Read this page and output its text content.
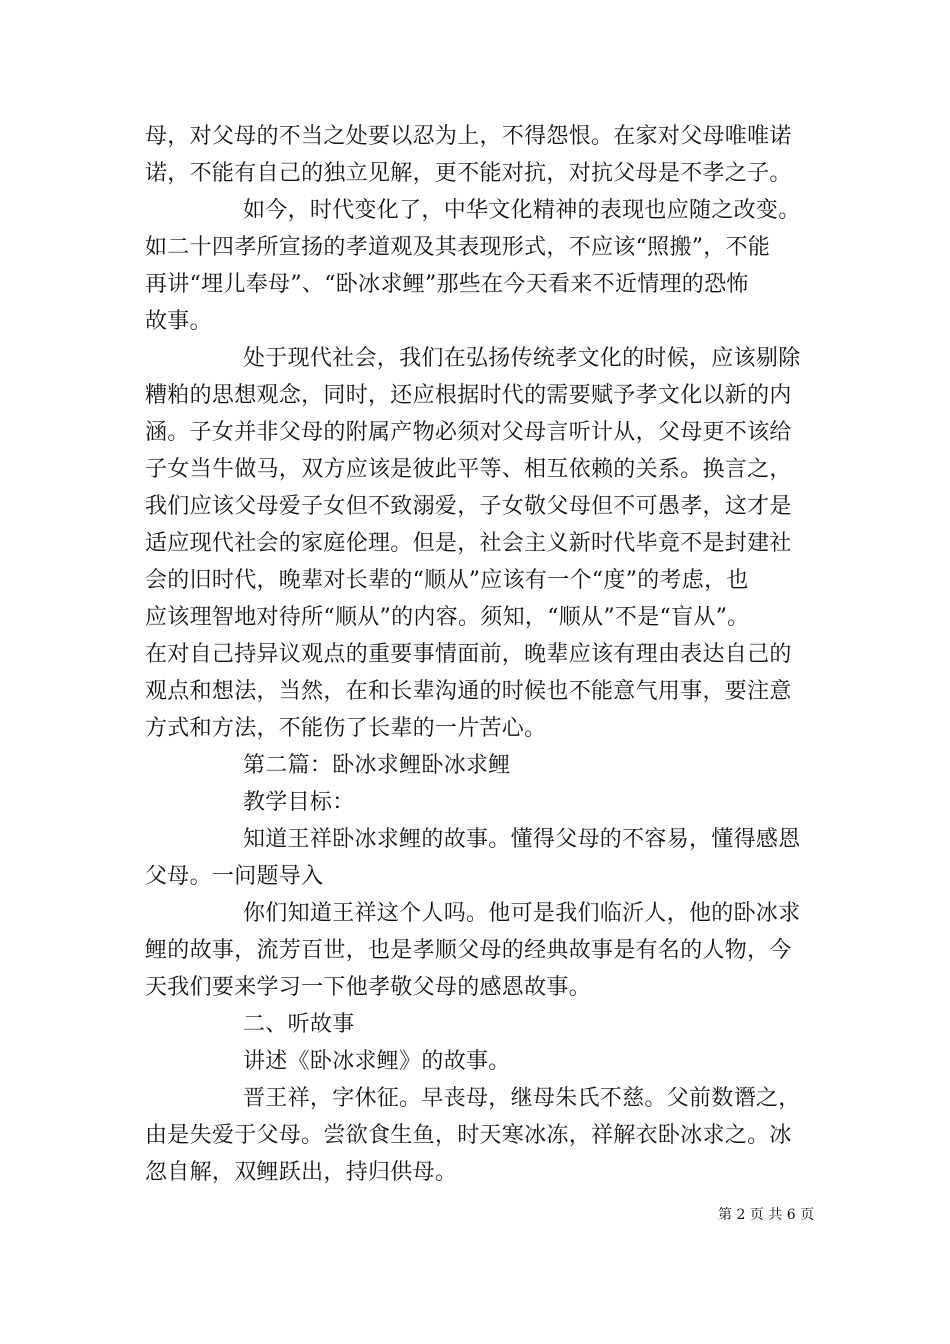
母，对父母的不当之处要以忍为上，不得怨恨。在家对父母唯唯诺
诺，不能有自己的独立见解，更不能对抗，对抗父母是不孝之子。
如今，时代变化了，中华文化精神的表现也应随之改变。
如二十四孝所宣扬的孝道观及其表现形式，不应该“照搬”，不能
再讲“埋儿奉母”、“卧冰求鲤”那些在今天看来不近情理的恐怖
故事。
处于现代社会，我们在弘扬传统孝文化的时候，应该剔除
糟粕的思想观念，同时，还应根据时代的需要赋予孝文化以新的内
涵。子女并非父母的附属产物必须对父母言听计从，父母更不该给
子女当牛做马，双方应该是彼此平等、相互依赖的关系。换言之，
我们应该父母爱子女但不致溺爱，子女敬父母但不可愚孝，这才是
适应现代社会的家庭伦理。但是，社会主义新时代毕竟不是封建社
会的旧时代，晚辈对长辈的“顺从”应该有一个“度”的考虑，也
应该理智地对待所“顺从”的内容。须知，“顺从”不是“盲从”。
在对自己持异议观点的重要事情面前，晚辈应该有理由表达自己的
观点和想法，当然，在和长辈沟通的时候也不能意气用事，要注意
方式和方法，不能伤了长辈的一片苦心。
第二篇：卧冰求鲤卧冰求鲤
教学目标：
知道王祥卧冰求鲤的故事。懂得父母的不容易，懂得感恩
父母。一问题导入
你们知道王祥这个人吗。他可是我们临沂人，他的卧冰求
鲤的故事，流芳百世，也是孝顺父母的经典故事是有名的人物，今
天我们要来学习一下他孝敬父母的感恩故事。
二、听故事
讲述《卧冰求鲤》的故事。
晋王祥，字休征。早丧母，继母朱氏不慈。父前数谮之，
由是失爱于父母。尝欲食生鱼，时天寒冰冻，祥解衣卧冰求之。冰
忽自解，双鲤跃出，持归供母。
第 2 页 共 6 页
